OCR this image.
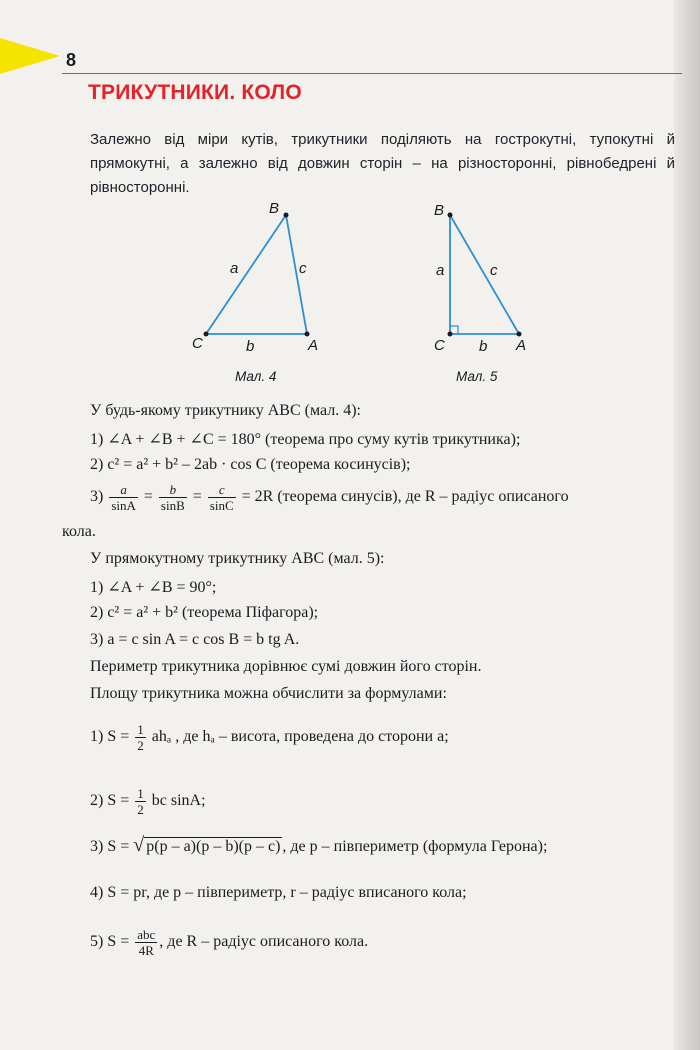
8
ТРИКУТНИКИ. КОЛО
Залежно від міри кутів, трикутники поділяють на гострокутні, тупокутні й прямокутні, а залежно від довжин сторін – на різносторонні, рівнобедрені й рівносторонні.
B
C	A
a	c
b
Мал. 4
B
C	A
a	c
b
Мал. 5
У будь-якому трикутнику ABC (мал. 4):
1) ∠A + ∠B + ∠C = 180° (теорема про суму кутів трикутника);
2) c² = a² + b² – 2ab · cos C (теорема косинусів);
$3) \frac{a}{\sin A} = \frac{b}{\sin B} = \frac{c}{\sin C} = 2R$ (теорема синусів), де R – радіус описаного
кола.
У прямокутному трикутнику ABC (мал. 5):
1) ∠A + ∠B = 90°;
2) c² = a² + b² (теорема Піфагора);
3) a = c sin A = c cos B = b tg A.
Периметр трикутника дорівнює сумі довжин його сторін.
Площу трикутника можна обчислити за формулами:
1) $S = \frac{1}{2}$ ahₐ , де hₐ – висота, проведена до сторони a;
2) $S = \frac{1}{2}$ bc sinA;
3) S = √ p(p – a)(p – b)(p – c) , де p – півпериметр (формула Герона);
4) S = pr, де p – півпериметр, r – радіус вписаного кола;
5) $S = \frac{\text{abc}}{4R}$ , де R – радіус описаного кола.
